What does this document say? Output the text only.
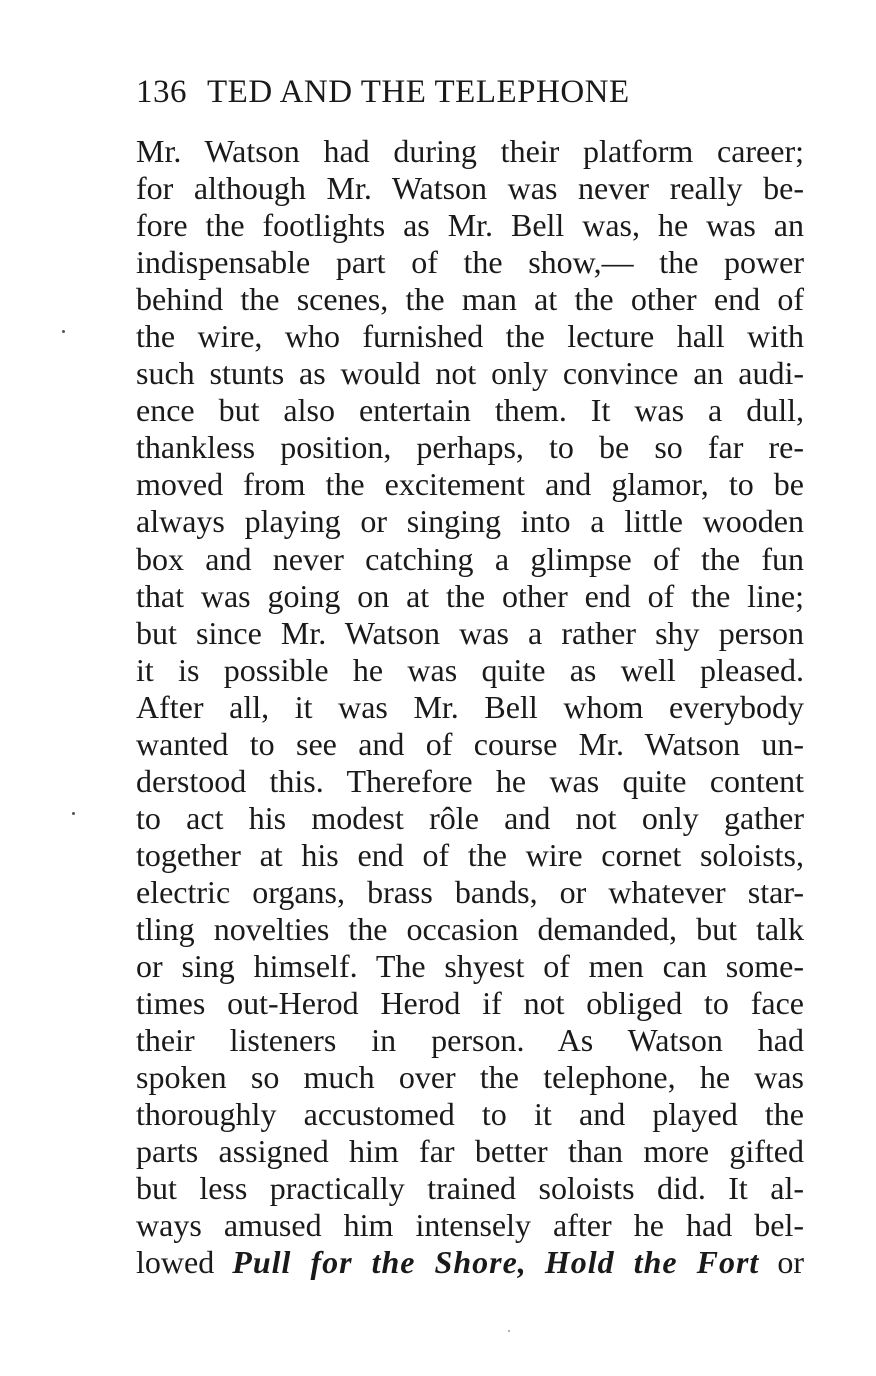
136 TED AND THE TELEPHONE
Mr. Watson had during their platform career;
for although Mr. Watson was never really be-
fore the footlights as Mr. Bell was, he was an
indispensable part of the show,— the power
behind the scenes, the man at the other end of
the wire, who furnished the lecture hall with
such stunts as would not only convince an audi-
ence but also entertain them. It was a dull,
thankless position, perhaps, to be so far re-
moved from the excitement and glamor, to be
always playing or singing into a little wooden
box and never catching a glimpse of the fun
that was going on at the other end of the line;
but since Mr. Watson was a rather shy person
it is possible he was quite as well pleased.
After all, it was Mr. Bell whom everybody
wanted to see and of course Mr. Watson un-
derstood this. Therefore he was quite content
to act his modest rôle and not only gather
together at his end of the wire cornet soloists,
electric organs, brass bands, or whatever star-
tling novelties the occasion demanded, but talk
or sing himself. The shyest of men can some-
times out-Herod Herod if not obliged to face
their listeners in person. As Watson had
spoken so much over the telephone, he was
thoroughly accustomed to it and played the
parts assigned him far better than more gifted
but less practically trained soloists did. It al-
ways amused him intensely after he had bel-
lowed Pull for the Shore, Hold the Fort or
